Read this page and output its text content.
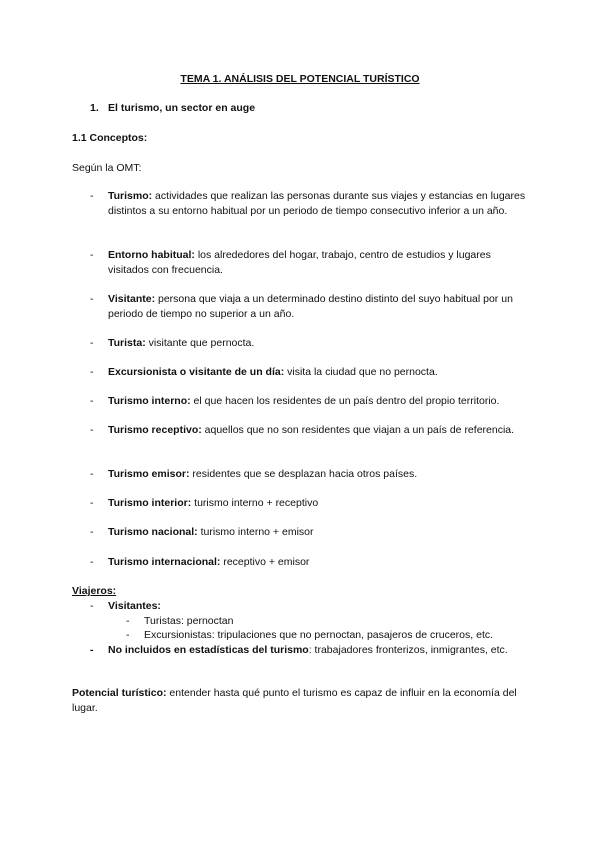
TEMA 1. ANÁLISIS DEL POTENCIAL TURÍSTICO
1. El turismo, un sector en auge
1.1 Conceptos:
Según la OMT:
- Turismo: actividades que realizan las personas durante sus viajes y estancias en lugares distintos a su entorno habitual por un periodo de tiempo consecutivo inferior a un año.
- Entorno habitual: los alrededores del hogar, trabajo, centro de estudios y lugares visitados con frecuencia.
- Visitante: persona que viaja a un determinado destino distinto del suyo habitual por un periodo de tiempo no superior a un año.
- Turista: visitante que pernocta.
- Excursionista o visitante de un día: visita la ciudad que no pernocta.
- Turismo interno: el que hacen los residentes de un país dentro del propio territorio.
- Turismo receptivo: aquellos que no son residentes que viajan a un país de referencia.
- Turismo emisor: residentes que se desplazan hacia otros países.
- Turismo interior: turismo interno + receptivo
- Turismo nacional: turismo interno + emisor
- Turismo internacional: receptivo + emisor
Viajeros:
- Visitantes:
- Turistas: pernoctan
- Excursionistas: tripulaciones que no pernoctan, pasajeros de cruceros, etc.
- No incluidos en estadísticas del turismo: trabajadores fronterizos, inmigrantes, etc.
Potencial turístico: entender hasta qué punto el turismo es capaz de influir en la economía del lugar.
